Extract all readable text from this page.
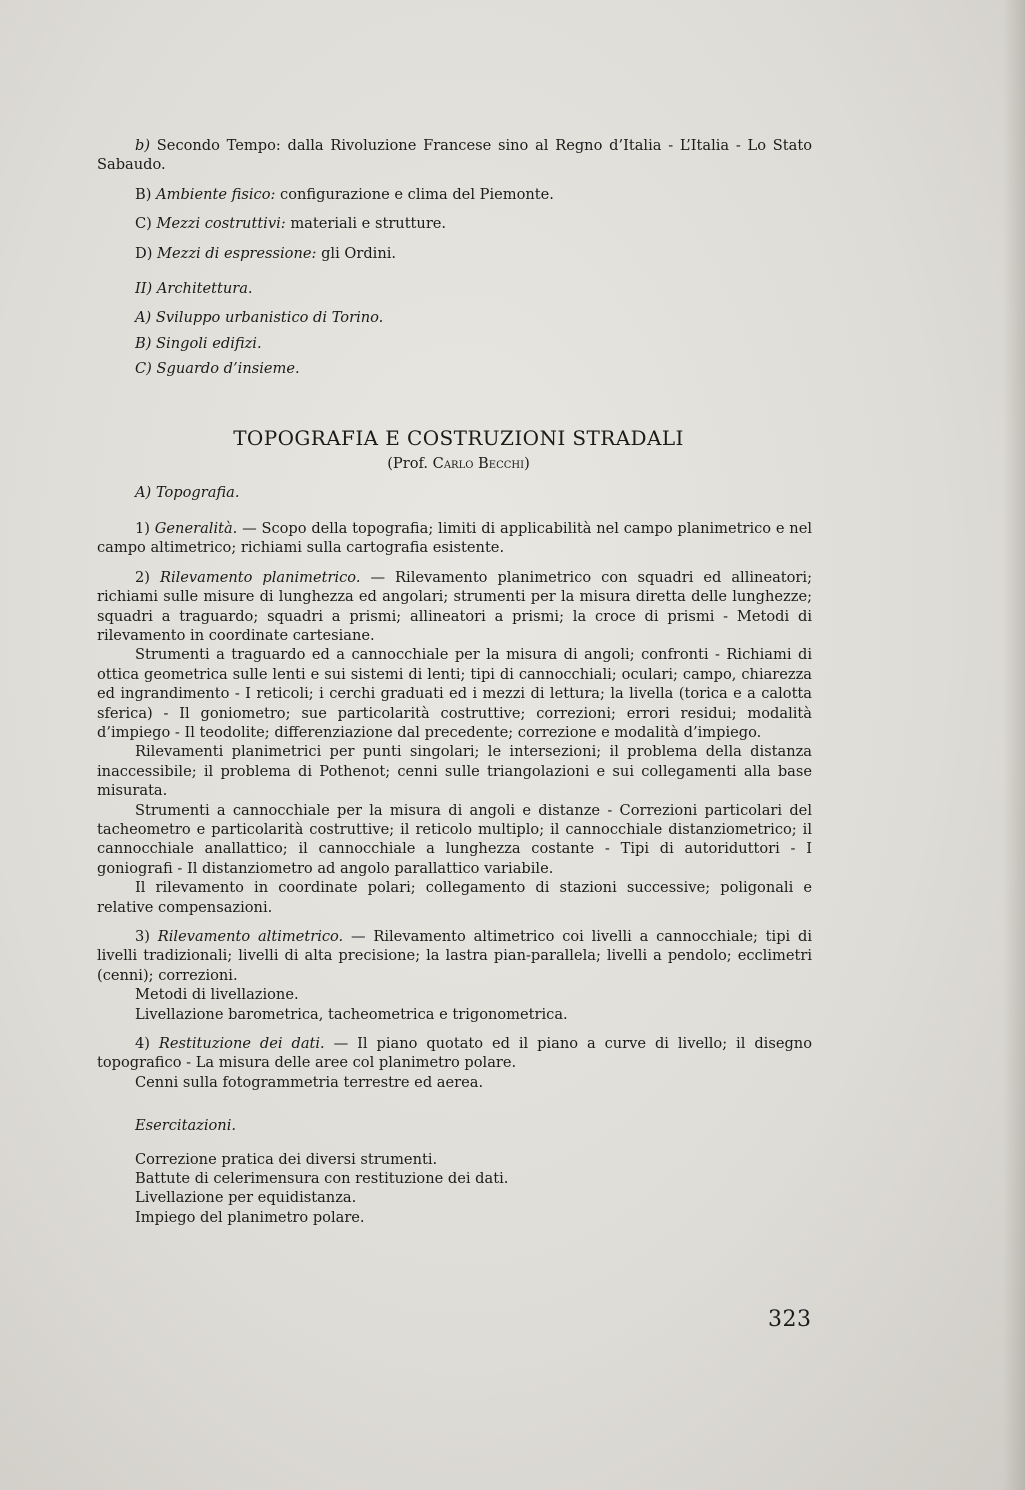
b) Secondo Tempo: dalla Rivoluzione Francese sino al Regno d’Italia - L’Italia - Lo Stato Sabaudo.

B) Ambiente fisico: configurazione e clima del Piemonte.

C) Mezzi costruttivi: materiali e strutture.

D) Mezzi di espressione: gli Ordini.

II) Architettura.

A) Sviluppo urbanistico di Torino.

B) Singoli edifizi.

C) Sguardo d’insieme.

TOPOGRAFIA E COSTRUZIONI STRADALI

(Prof. Carlo Becchi)

A) Topografia.

1) Generalità. — Scopo della topografia; limiti di applicabilità nel campo planimetrico e nel campo altimetrico; richiami sulla cartografia esistente.

2) Rilevamento planimetrico. — Rilevamento planimetrico con squadri ed allineatori; richiami sulle misure di lunghezza ed angolari; strumenti per la misura diretta delle lunghezze; squadri a traguardo; squadri a prismi; allineatori a prismi; la croce di prismi - Metodi di rilevamento in coordinate cartesiane.

Strumenti a traguardo ed a cannocchiale per la misura di angoli; confronti - Richiami di ottica geometrica sulle lenti e sui sistemi di lenti; tipi di cannocchiali; oculari; campo, chiarezza ed ingrandimento - I reticoli; i cerchi graduati ed i mezzi di lettura; la livella (torica e a calotta sferica) - Il goniometro; sue particolarità costruttive; correzioni; errori residui; modalità d’impiego - Il teodolite; differenziazione dal precedente; correzione e modalità d’impiego.

Rilevamenti planimetrici per punti singolari; le intersezioni; il problema della distanza inaccessibile; il problema di Pothenot; cenni sulle triangolazioni e sui collegamenti alla base misurata.

Strumenti a cannocchiale per la misura di angoli e distanze - Correzioni particolari del tacheometro e particolarità costruttive; il reticolo multiplo; il cannocchiale distanziometrico; il cannocchiale anallattico; il cannocchiale a lunghezza costante - Tipi di autoriduttori - I goniografi - Il distanziometro ad angolo parallattico variabile.

Il rilevamento in coordinate polari; collegamento di stazioni successive; poligonali e relative compensazioni.

3) Rilevamento altimetrico. — Rilevamento altimetrico coi livelli a cannocchiale; tipi di livelli tradizionali; livelli di alta precisione; la lastra pian-parallela; livelli a pendolo; ecclimetri (cenni); correzioni.

Metodi di livellazione.

Livellazione barometrica, tacheometrica e trigonometrica.

4) Restituzione dei dati. — Il piano quotato ed il piano a curve di livello; il disegno topografico - La misura delle aree col planimetro polare.

Cenni sulla fotogrammetria terrestre ed aerea.

Esercitazioni.

Correzione pratica dei diversi strumenti.

Battute di celerimensura con restituzione dei dati.

Livellazione per equidistanza.

Impiego del planimetro polare.

323
